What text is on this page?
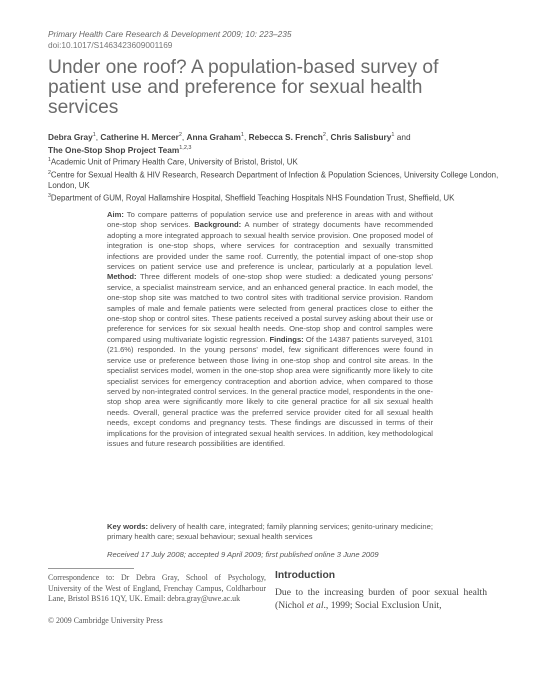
Primary Health Care Research & Development 2009; 10: 223–235
doi:10.1017/S1463423609001169
Under one roof? A population-based survey of patient use and preference for sexual health services
Debra Gray$^1$, Catherine H. Mercer$^2$, Anna Graham$^1$, Rebecca S. French$^2$, Chris Salisbury$^1$ and
The One-Stop Shop Project Team$^{1,2,3}$
$^1$Academic Unit of Primary Health Care, University of Bristol, Bristol, UK
$^2$Centre for Sexual Health & HIV Research, Research Department of Infection & Population Sciences, University College London, London, UK
$^3$Department of GUM, Royal Hallamshire Hospital, Sheffield Teaching Hospitals NHS Foundation Trust, Sheffield, UK
Aim: To compare patterns of population service use and preference in areas with and without one-stop shop services. Background: A number of strategy documents have recommended adopting a more integrated approach to sexual health service provision. One proposed model of integration is one-stop shops, where services for contraception and sexually transmitted infections are provided under the same roof. Currently, the potential impact of one-stop shop services on patient service use and preference is unclear, particularly at a population level. Method: Three different models of one-stop shop were studied: a dedicated young persons' service, a specialist mainstream service, and an enhanced general practice. In each model, the one-stop shop site was matched to two control sites with traditional service provision. Random samples of male and female patients were selected from general practices close to either the one-stop shop or control sites. These patients received a postal survey asking about their use or preference for services for six sexual health needs. One-stop shop and control samples were compared using multivariate logistic regression. Findings: Of the 14387 patients surveyed, 3101 (21.6%) responded. In the young persons' model, few significant differences were found in service use or preference between those living in one-stop shop and control site areas. In the specialist services model, women in the one-stop shop area were significantly more likely to cite specialist services for emergency contraception and abortion advice, when compared to those served by non-integrated control services. In the general practice model, respondents in the one-stop shop area were significantly more likely to cite general practice for all six sexual health needs. Overall, general practice was the preferred service provider cited for all sexual health needs, except condoms and pregnancy tests. These findings are discussed in terms of their implications for the provision of integrated sexual health services. In addition, key methodological issues and future research possibilities are identified.
Key words: delivery of health care, integrated; family planning services; genito-urinary medicine; primary health care; sexual behaviour; sexual health services
Received 17 July 2008; accepted 9 April 2009; first published online 3 June 2009
Correspondence to: Dr Debra Gray, School of Psychology, University of the West of England, Frenchay Campus, Coldharbour Lane, Bristol BS16 1QY, UK. Email: debra.gray@uwe.ac.uk
© 2009 Cambridge University Press
Introduction
Due to the increasing burden of poor sexual health (Nichol et al., 1999; Social Exclusion Unit,
